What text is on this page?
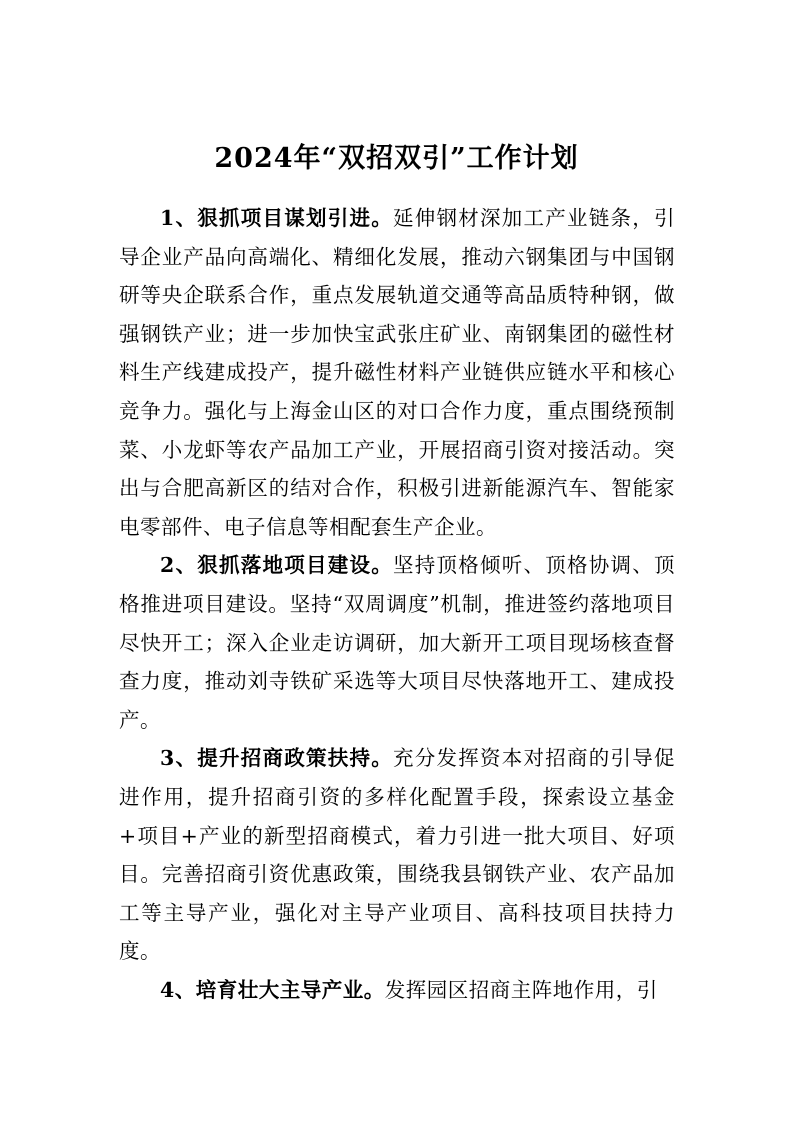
2024年“双招双引”工作计划

1、狠抓项目谋划引进。延伸钢材深加工产业链条，引导企业产品向高端化、精细化发展，推动六钢集团与中国钢研等央企联系合作，重点发展轨道交通等高品质特种钢，做强钢铁产业；进一步加快宝武张庄矿业、南钢集团的磁性材料生产线建成投产，提升磁性材料产业链供应链水平和核心竞争力。强化与上海金山区的对口合作力度，重点围绕预制菜、小龙虾等农产品加工产业，开展招商引资对接活动。突出与合肥高新区的结对合作，积极引进新能源汽车、智能家电零部件、电子信息等相配套生产企业。

2、狠抓落地项目建设。坚持顶格倾听、顶格协调、顶格推进项目建设。坚持“双周调度”机制，推进签约落地项目尽快开工；深入企业走访调研，加大新开工项目现场核查督查力度，推动刘寺铁矿采选等大项目尽快落地开工、建成投产。

3、提升招商政策扶持。充分发挥资本对招商的引导促进作用，提升招商引资的多样化配置手段，探索设立基金+项目+产业的新型招商模式，着力引进一批大项目、好项目。完善招商引资优惠政策，围绕我县钢铁产业、农产品加工等主导产业，强化对主导产业项目、高科技项目扶持力度。

4、培育壮大主导产业。发挥园区招商主阵地作用，引
